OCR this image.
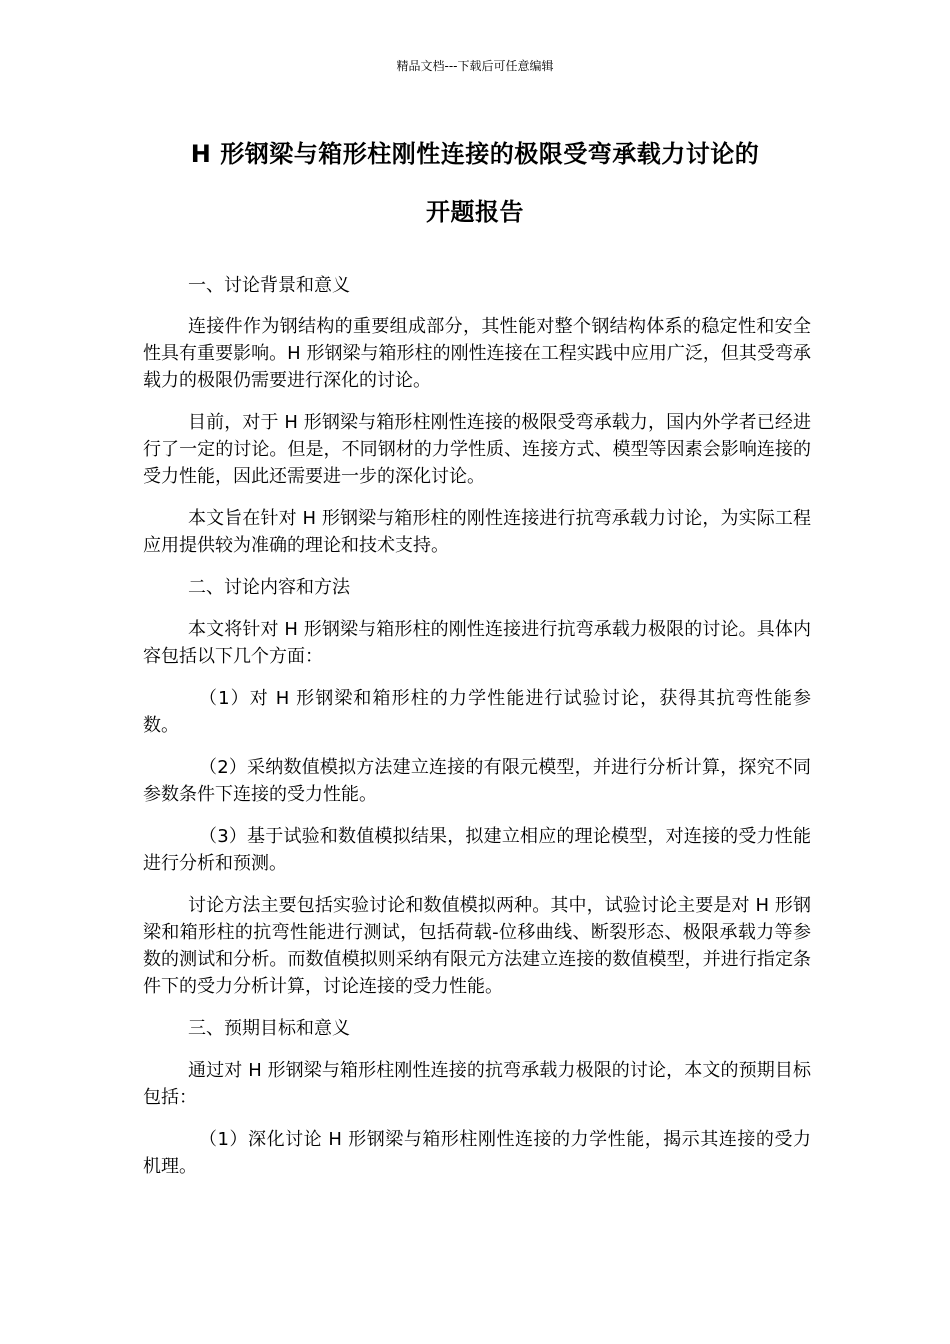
精品文档---下载后可任意编辑
H 形钢梁与箱形柱刚性连接的极限受弯承载力讨论的
开题报告

一、讨论背景和意义

连接件作为钢结构的重要组成部分，其性能对整个钢结构体系的稳定性和安全性具有重要影响。H 形钢梁与箱形柱的刚性连接在工程实践中应用广泛，但其受弯承载力的极限仍需要进行深化的讨论。

目前，对于 H 形钢梁与箱形柱刚性连接的极限受弯承载力，国内外学者已经进行了一定的讨论。但是，不同钢材的力学性质、连接方式、模型等因素会影响连接的受力性能，因此还需要进一步的深化讨论。

本文旨在针对 H 形钢梁与箱形柱的刚性连接进行抗弯承载力讨论，为实际工程应用提供较为准确的理论和技术支持。

二、讨论内容和方法

本文将针对 H 形钢梁与箱形柱的刚性连接进行抗弯承载力极限的讨论。具体内容包括以下几个方面：

（1）对 H 形钢梁和箱形柱的力学性能进行试验讨论，获得其抗弯性能参数。

（2）采纳数值模拟方法建立连接的有限元模型，并进行分析计算，探究不同参数条件下连接的受力性能。

（3）基于试验和数值模拟结果，拟建立相应的理论模型，对连接的受力性能进行分析和预测。

讨论方法主要包括实验讨论和数值模拟两种。其中，试验讨论主要是对 H 形钢梁和箱形柱的抗弯性能进行测试，包括荷载-位移曲线、断裂形态、极限承载力等参数的测试和分析。而数值模拟则采纳有限元方法建立连接的数值模型，并进行指定条件下的受力分析计算，讨论连接的受力性能。

三、预期目标和意义

通过对 H 形钢梁与箱形柱刚性连接的抗弯承载力极限的讨论，本文的预期目标包括：

（1）深化讨论 H 形钢梁与箱形柱刚性连接的力学性能，揭示其连接的受力机理。
